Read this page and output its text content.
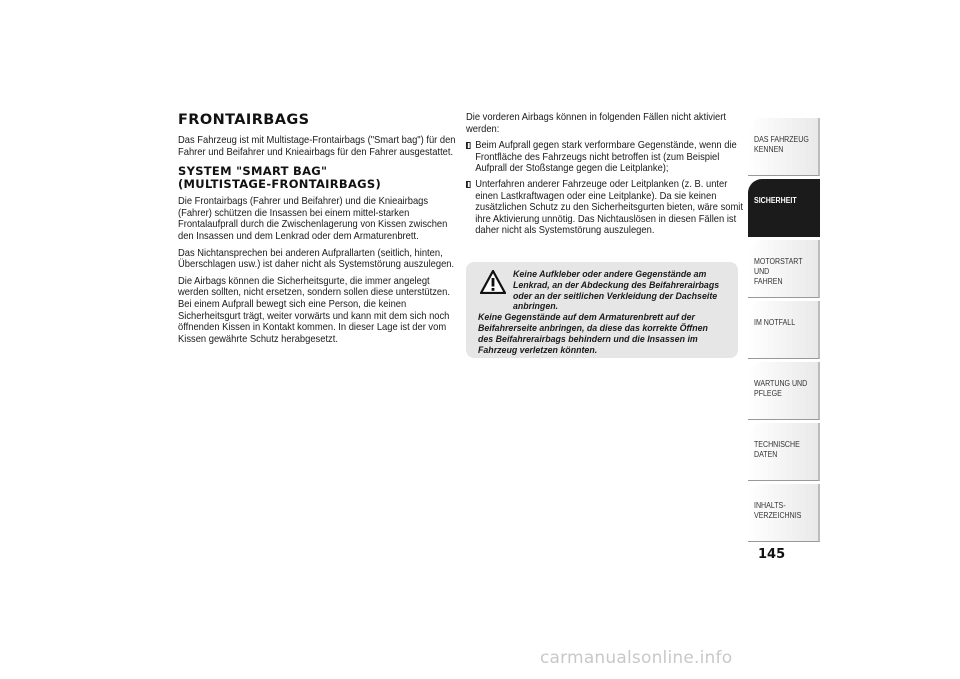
FRONTAIRBAGS

Das Fahrzeug ist mit Multistage-Frontairbags ("Smart bag") für den Fahrer und Beifahrer und Knieairbags für den Fahrer ausgestattet.

SYSTEM "SMART BAG"
(MULTISTAGE-FRONTAIRBAGS)

Die Frontairbags (Fahrer und Beifahrer) und die Knieairbags (Fahrer) schützen die Insassen bei einem mittel-starken Frontalaufprall durch die Zwischenlagerung von Kissen zwischen den Insassen und dem Lenkrad oder dem Armaturenbrett.

Das Nichtansprechen bei anderen Aufprallarten (seitlich, hinten, Überschlagen usw.) ist daher nicht als Systemstörung auszulegen.

Die Airbags können die Sicherheitsgurte, die immer angelegt werden sollten, nicht ersetzen, sondern sollen diese unterstützen. Bei einem Aufprall bewegt sich eine Person, die keinen Sicherheitsgurt trägt, weiter vorwärts und kann mit dem sich noch öffnenden Kissen in Kontakt kommen. In dieser Lage ist der vom Kissen gewährte Schutz herabgesetzt.

Die vorderen Airbags können in folgenden Fällen nicht aktiviert werden:

Beim Aufprall gegen stark verformbare Gegenstände, wenn die Frontfläche des Fahrzeugs nicht betroffen ist (zum Beispiel Aufprall der Stoßstange gegen die Leitplanke);
Unterfahren anderer Fahrzeuge oder Leitplanken (z. B. unter einen Lastkraftwagen oder eine Leitplanke). Da sie keinen zusätzlichen Schutz zu den Sicherheitsgurten bieten, wäre somit ihre Aktivierung unnötig. Das Nichtauslösen in diesen Fällen ist daher nicht als Systemstörung auszulegen.
Keine Aufkleber oder andere Gegenstände am Lenkrad, an der Abdeckung des Beifahrerairbags oder an der seitlichen Verkleidung der Dachseite anbringen.
Keine Gegenstände auf dem Armaturenbrett auf der Beifahrerseite anbringen, da diese das korrekte Öffnen des Beifahrerairbags behindern und die Insassen im Fahrzeug verletzen könnten.
DAS FAHRZEUG
KENNEN
SICHERHEIT
MOTORSTART UND
FAHREN
IM NOTFALL
WARTUNG UND
PFLEGE
TECHNISCHE DATEN
INHALTS-
VERZEICHNIS
145
carmanualsonline.info
